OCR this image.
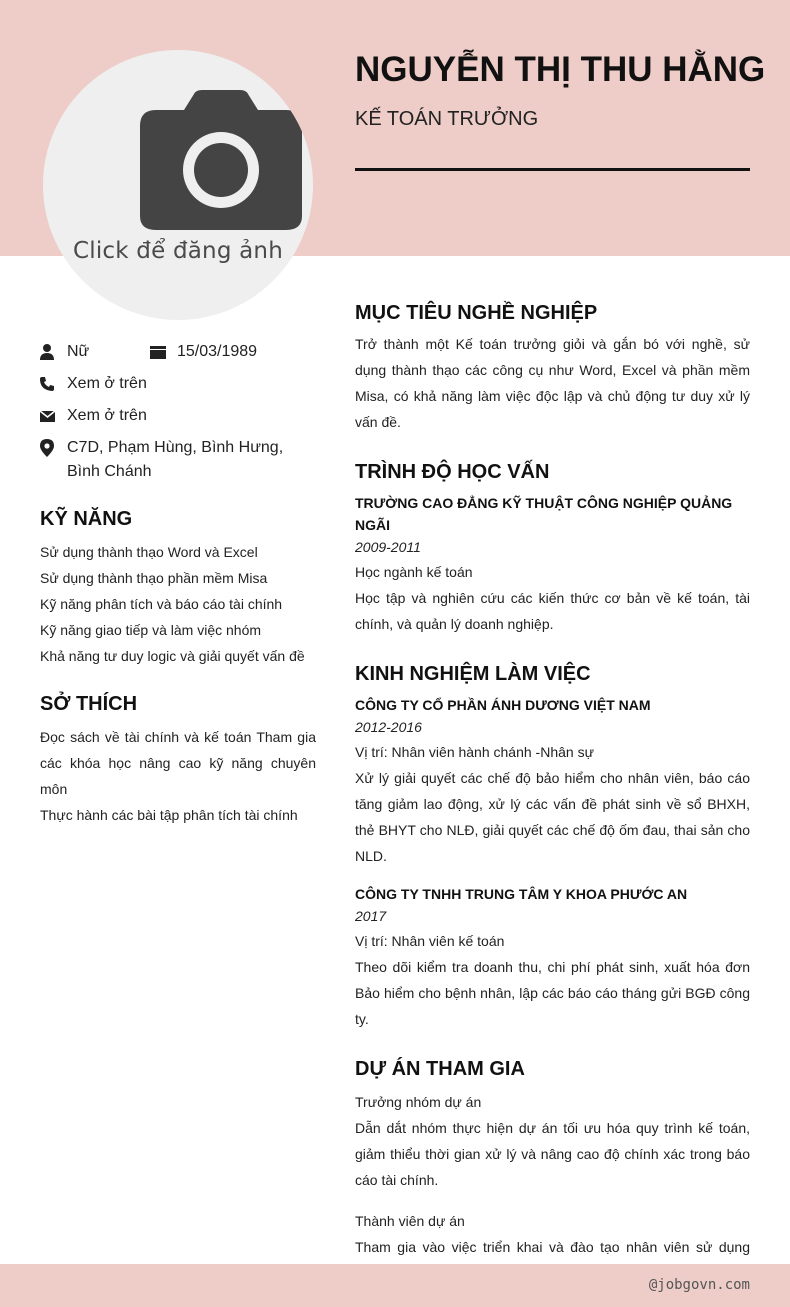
Click để đăng ảnh
NGUYỄN THỊ THU HẰNG
KẾ TOÁN TRƯỞNG
Nữ	15/03/1989
Xem ở trên
Xem ở trên
C7D, Phạm Hùng, Bình Hưng, Bình Chánh
KỸ NĂNG
Sử dụng thành thạo Word và Excel
Sử dụng thành thạo phần mềm Misa
Kỹ năng phân tích và báo cáo tài chính
Kỹ năng giao tiếp và làm việc nhóm
Khả năng tư duy logic và giải quyết vấn đề
SỞ THÍCH
Đọc sách về tài chính và kế toán Tham gia các khóa học nâng cao kỹ năng chuyên môn
Thực hành các bài tập phân tích tài chính
MỤC TIÊU NGHỀ NGHIỆP
Trở thành một Kế toán trưởng giỏi và gắn bó với nghề, sử dụng thành thạo các công cụ như Word, Excel và phần mềm Misa, có khả năng làm việc độc lập và chủ động tư duy xử lý vấn đề.
TRÌNH ĐỘ HỌC VẤN
TRƯỜNG CAO ĐẲNG KỸ THUẬT CÔNG NGHIỆP QUẢNG NGÃI
2009-2011
Học ngành kế toán
Học tập và nghiên cứu các kiến thức cơ bản về kế toán, tài chính, và quản lý doanh nghiệp.
KINH NGHIỆM LÀM VIỆC
CÔNG TY CỔ PHẦN ÁNH DƯƠNG VIỆT NAM
2012-2016
Vị trí: Nhân viên hành chánh -Nhân sự
Xử lý giải quyết các chế độ bảo hiểm cho nhân viên, báo cáo tăng giảm lao động, xử lý các vấn đề phát sinh về sổ BHXH, thẻ BHYT cho NLĐ, giải quyết các chế độ ốm đau, thai sản cho NLD.
CÔNG TY TNHH TRUNG TÂM Y KHOA PHƯỚC AN
2017
Vị trí: Nhân viên kế toán
Theo dõi kiểm tra doanh thu, chi phí phát sinh, xuất hóa đơn Bảo hiểm cho bệnh nhân, lập các báo cáo tháng gửi BGĐ công ty.
DỰ ÁN THAM GIA
Trưởng nhóm dự án
Dẫn dắt nhóm thực hiện dự án tối ưu hóa quy trình kế toán, giảm thiểu thời gian xử lý và nâng cao độ chính xác trong báo cáo tài chính.
Thành viên dự án
Tham gia vào việc triển khai và đào tạo nhân viên sử dụng
@jobgovn.com
